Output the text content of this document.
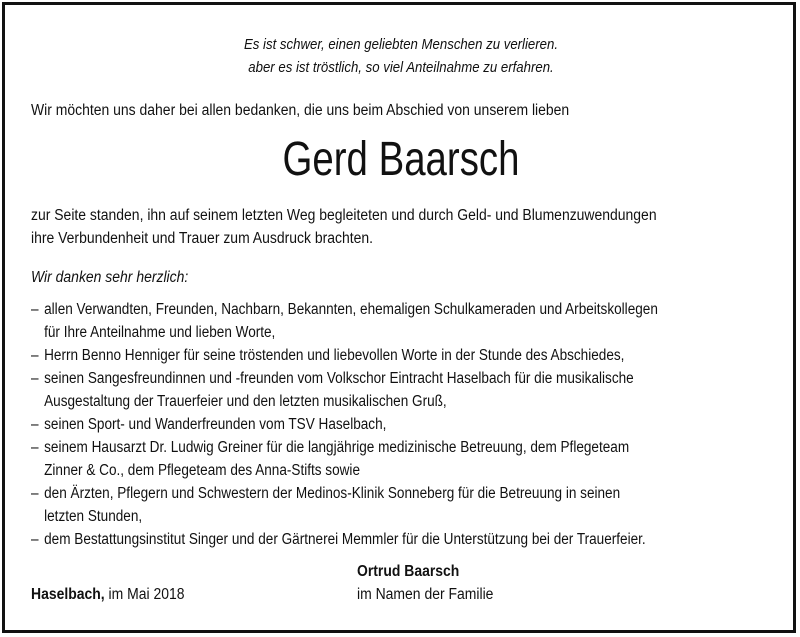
Es ist schwer, einen geliebten Menschen zu verlieren.
aber es ist tröstlich, so viel Anteilnahme zu erfahren.
Wir möchten uns daher bei allen bedanken, die uns beim Abschied von unserem lieben
Gerd Baarsch
zur Seite standen, ihn auf seinem letzten Weg begleiteten und durch Geld- und Blumenzuwendungen
ihre Verbundenheit und Trauer zum Ausdruck brachten.
Wir danken sehr herzlich:
– allen Verwandten, Freunden, Nachbarn, Bekannten, ehemaligen Schulkameraden und Arbeitskollegen
für Ihre Anteilnahme und lieben Worte,
– Herrn Benno Henniger für seine tröstenden und liebevollen Worte in der Stunde des Abschiedes,
– seinen Sangesfreundinnen und -freunden vom Volkschor Eintracht Haselbach für die musikalische
Ausgestaltung der Trauerfeier und den letzten musikalischen Gruß,
– seinen Sport- und Wanderfreunden vom TSV Haselbach,
– seinem Hausarzt Dr. Ludwig Greiner für die langjährige medizinische Betreuung, dem Pflegeteam
Zinner & Co., dem Pflegeteam des Anna-Stifts sowie
– den Ärzten, Pflegern und Schwestern der Medinos-Klinik Sonneberg für die Betreuung in seinen
letzten Stunden,
– dem Bestattungsinstitut Singer und der Gärtnerei Memmler für die Unterstützung bei der Trauerfeier.
Haselbach, im Mai 2018
Ortrud Baarsch
im Namen der Familie
